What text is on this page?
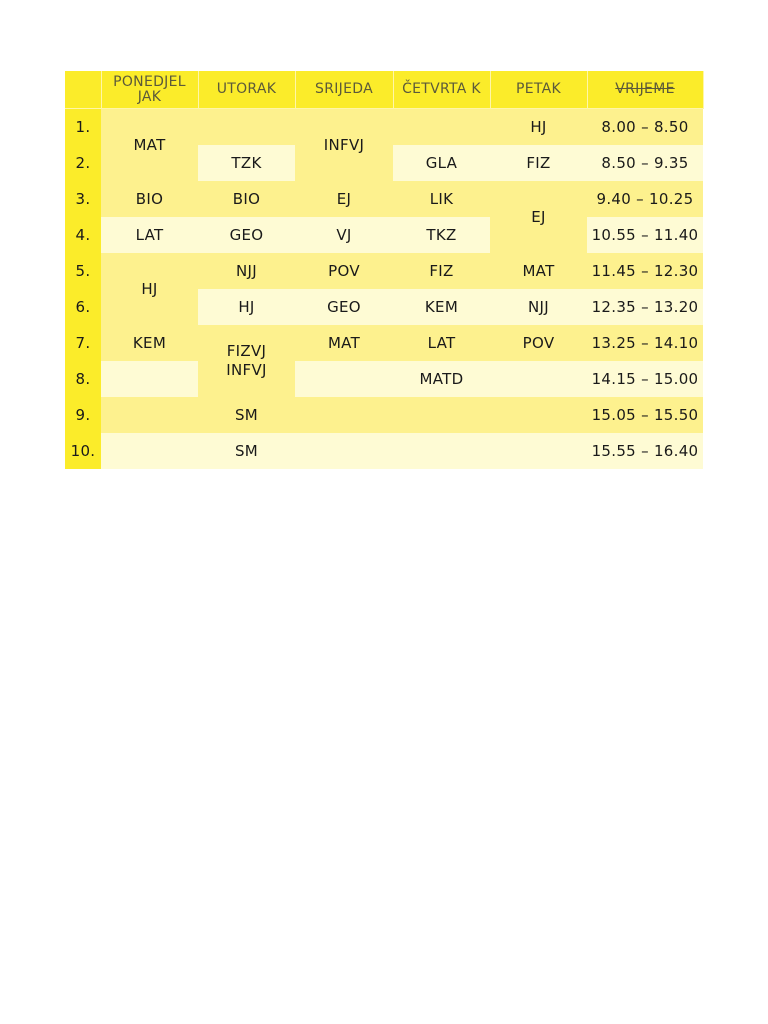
	PONEDJEL JAK	UTORAK	SRIJEDA	ČETVRTA K	PETAK	VRIJEME
1.	MAT		INFVJ		HJ	8.00 – 8.50
2.		TZK		GLA	FIZ	8.50 – 9.35
3.	BIO	BIO	EJ	LIK	EJ	9.40 – 10.25
4.	LAT	GEO	VJ	TKZ		10.55 – 11.40
5.	HJ	NJJ	POV	FIZ	MAT	11.45 – 12.30
6.		HJ	GEO	KEM	NJJ	12.35 – 13.20
7.	KEM	FIZVJ INFVJ	MAT	LAT	POV	13.25 – 14.10
8.				MATD		14.15 – 15.00
9.		SM				15.05 – 15.50
10.		SM				15.55 – 16.40
